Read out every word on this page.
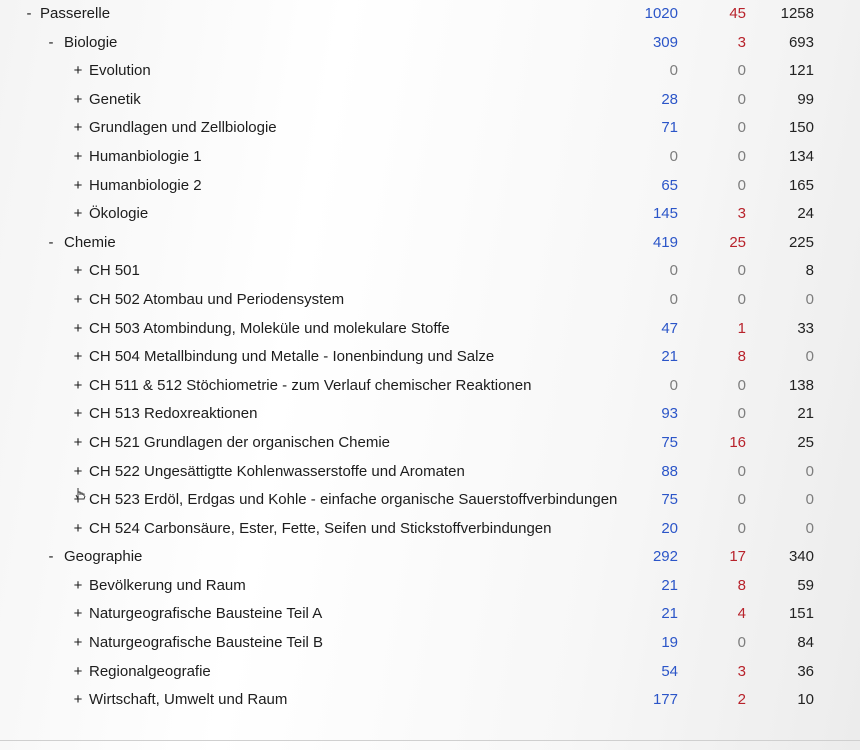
- Passerelle	1020	45	1258
- Biologie	309	3	693
+ Evolution	0	0	121
+ Genetik	28	0	99
+ Grundlagen und Zellbiologie	71	0	150
+ Humanbiologie 1	0	0	134
+ Humanbiologie 2	65	0	165
+ Ökologie	145	3	24
- Chemie	419	25	225
+ CH 501	0	0	8
+ CH 502 Atombau und Periodensystem	0	0	0
+ CH 503 Atombindung, Moleküle und molekulare Stoffe	47	1	33
+ CH 504 Metallbindung und Metalle - Ionenbindung und Salze	21	8	0
+ CH 511 & 512 Stöchiometrie - zum Verlauf chemischer Reaktionen	0	0	138
+ CH 513 Redoxreaktionen	93	0	21
+ CH 521 Grundlagen der organischen Chemie	75	16	25
+ CH 522 Ungesättigtte Kohlenwasserstoffe und Aromaten	88	0	0
+ CH 523 Erdöl, Erdgas und Kohle - einfache organische Sauerstoffverbindungen	75	0	0
+ CH 524 Carbonsäure, Ester, Fette, Seifen und Stickstoffverbindungen	20	0	0
- Geographie	292	17	340
+ Bevölkerung und Raum	21	8	59
+ Naturgeografische Bausteine Teil A	21	4	151
+ Naturgeografische Bausteine Teil B	19	0	84
+ Regionalgeografie	54	3	36
+ Wirtschaft, Umwelt und Raum	177	2	10
